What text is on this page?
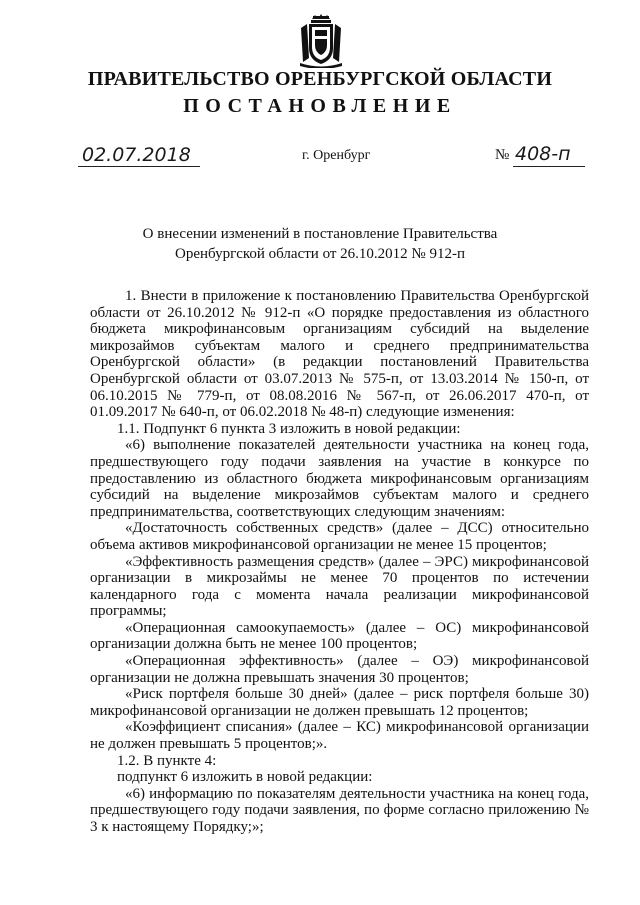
ПРАВИТЕЛЬСТВО ОРЕНБУРГСКОЙ ОБЛАСТИ
ПОСТАНОВЛЕНИЕ
02.07.2018	г. Оренбург	№ 408-п
О внесении изменений в постановление Правительства
Оренбургской области от 26.10.2012 № 912-п

1. Внести в приложение к постановлению Правительства Оренбургской области от 26.10.2012 № 912-п «О порядке предоставления из областного бюджета микрофинансовым организациям субсидий на выделение микрозаймов субъектам малого и среднего предпринимательства Оренбургской области» (в редакции постановлений Правительства Оренбургской области от 03.07.2013 № 575-п, от 13.03.2014 № 150-п, от 06.10.2015 № 779-п, от 08.08.2016 № 567-п, от 26.06.2017 470-п, от 01.09.2017 № 640-п, от 06.02.2018 № 48-п) следующие изменения:

1.1. Подпункт 6 пункта 3 изложить в новой редакции:

«6) выполнение показателей деятельности участника на конец года, предшествующего году подачи заявления на участие в конкурсе по предоставлению из областного бюджета микрофинансовым организациям субсидий на выделение микрозаймов субъектам малого и среднего предпринимательства, соответствующих следующим значениям:

«Достаточность собственных средств» (далее – ДСС) относительно объема активов микрофинансовой организации не менее 15 процентов;

«Эффективность размещения средств» (далее – ЭРС) микрофинансовой организации в микрозаймы не менее 70 процентов по истечении календарного года с момента начала реализации микрофинансовой программы;

«Операционная самоокупаемость» (далее – ОС) микрофинансовой организации должна быть не менее 100 процентов;

«Операционная эффективность» (далее – ОЭ) микрофинансовой организации не должна превышать значения 30 процентов;

«Риск портфеля больше 30 дней» (далее – риск портфеля больше 30) микрофинансовой организации не должен превышать 12 процентов;

«Коэффициент списания» (далее – КС) микрофинансовой организации не должен превышать 5 процентов;».

1.2. В пункте 4:

подпункт 6 изложить в новой редакции:

«6) информацию по показателям деятельности участника на конец года, предшествующего году подачи заявления, по форме согласно приложению № 3 к настоящему Порядку;»;
